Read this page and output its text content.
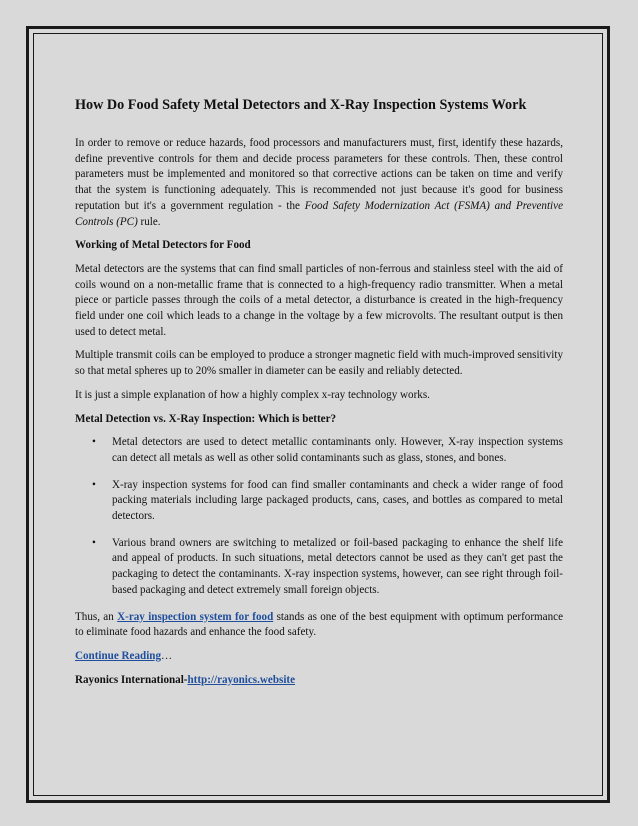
How Do Food Safety Metal Detectors and X-Ray Inspection Systems Work

In order to remove or reduce hazards, food processors and manufacturers must, first, identify these hazards, define preventive controls for them and decide process parameters for these controls. Then, these control parameters must be implemented and monitored so that corrective actions can be taken on time and verify that the system is functioning adequately. This is recommended not just because it's good for business reputation but it's a government regulation - the Food Safety Modernization Act (FSMA) and Preventive Controls (PC) rule.

Working of Metal Detectors for Food

Metal detectors are the systems that can find small particles of non-ferrous and stainless steel with the aid of coils wound on a non-metallic frame that is connected to a high-frequency radio transmitter. When a metal piece or particle passes through the coils of a metal detector, a disturbance is created in the high-frequency field under one coil which leads to a change in the voltage by a few microvolts. The resultant output is then used to detect metal.

Multiple transmit coils can be employed to produce a stronger magnetic field with much-improved sensitivity so that metal spheres up to 20% smaller in diameter can be easily and reliably detected.

It is just a simple explanation of how a highly complex x-ray technology works.

Metal Detection vs. X-Ray Inspection: Which is better?
• Metal detectors are used to detect metallic contaminants only. However, X-ray inspection systems can detect all metals as well as other solid contaminants such as glass, stones, and bones.
• X-ray inspection systems for food can find smaller contaminants and check a wider range of food packing materials including large packaged products, cans, cases, and bottles as compared to metal detectors.
• Various brand owners are switching to metalized or foil-based packaging to enhance the shelf life and appeal of products. In such situations, metal detectors cannot be used as they can't get past the packaging to detect the contaminants. X-ray inspection systems, however, can see right through foil-based packaging and detect extremely small foreign objects.

Thus, an X-ray inspection system for food stands as one of the best equipment with optimum performance to eliminate food hazards and enhance the food safety.

Continue Reading…

Rayonics International-http://rayonics.website
